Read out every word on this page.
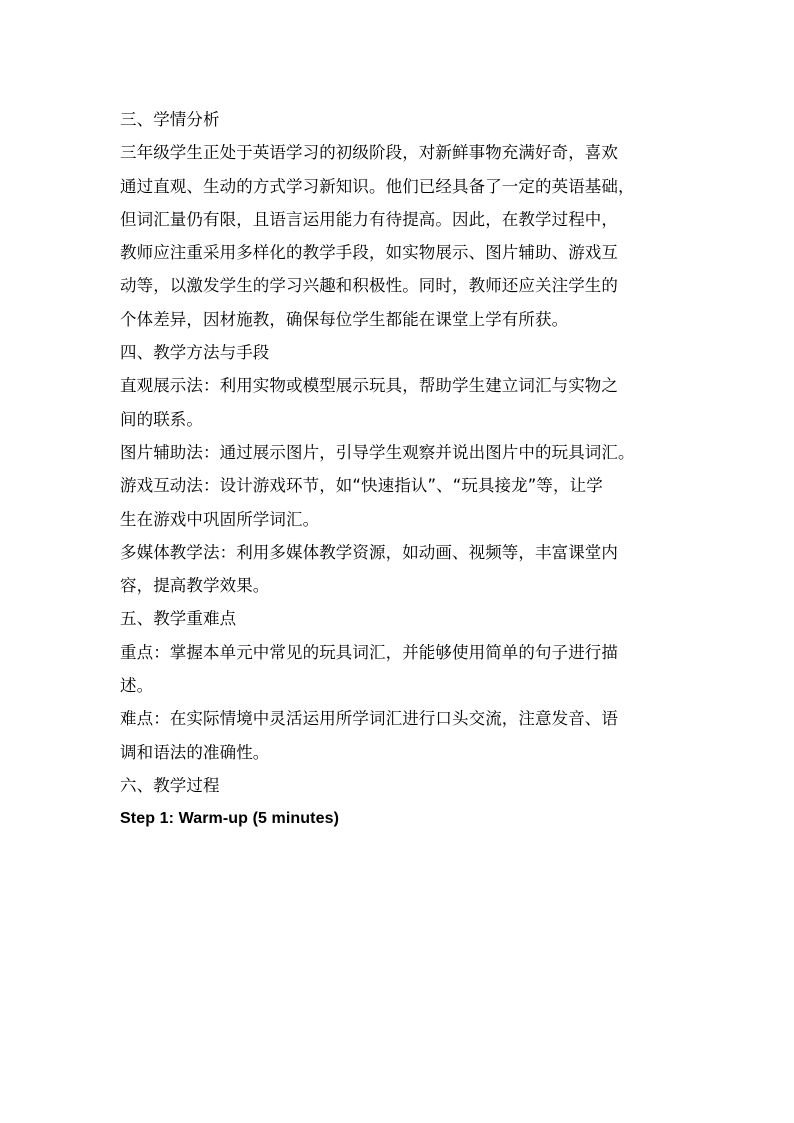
三、学情分析
三年级学生正处于英语学习的初级阶段，对新鲜事物充满好奇，喜欢
通过直观、生动的方式学习新知识。他们已经具备了一定的英语基础，
但词汇量仍有限，且语言运用能力有待提高。因此，在教学过程中，
教师应注重采用多样化的教学手段，如实物展示、图片辅助、游戏互
动等，以激发学生的学习兴趣和积极性。同时，教师还应关注学生的
个体差异，因材施教，确保每位学生都能在课堂上学有所获。
四、教学方法与手段
直观展示法：利用实物或模型展示玩具，帮助学生建立词汇与实物之
间的联系。
图片辅助法：通过展示图片，引导学生观察并说出图片中的玩具词汇。
游戏互动法：设计游戏环节，如“快速指认”、“玩具接龙”等，让学
生在游戏中巩固所学词汇。
多媒体教学法：利用多媒体教学资源，如动画、视频等，丰富课堂内
容，提高教学效果。
五、教学重难点
重点：掌握本单元中常见的玩具词汇，并能够使用简单的句子进行描
述。
难点：在实际情境中灵活运用所学词汇进行口头交流，注意发音、语
调和语法的准确性。
六、教学过程
Step 1: Warm-up (5 minutes)
